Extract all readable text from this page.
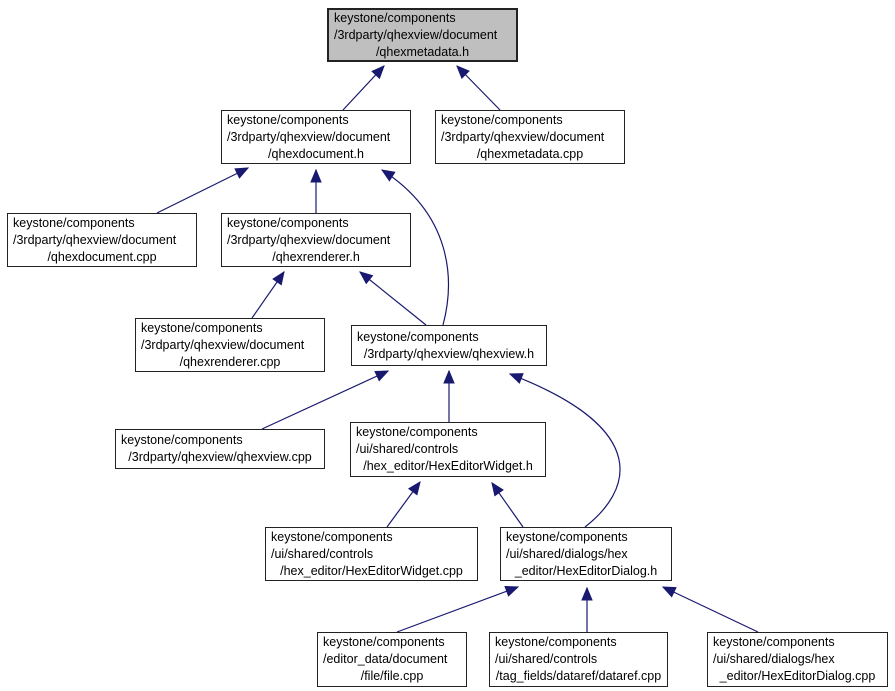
keystone/components
/3rdparty/qhexview/document
/qhexmetadata.h
keystone/components
/3rdparty/qhexview/document
/qhexdocument.h
keystone/components
/3rdparty/qhexview/document
/qhexmetadata.cpp
keystone/components
/3rdparty/qhexview/document
/qhexdocument.cpp
keystone/components
/3rdparty/qhexview/document
/qhexrenderer.h
keystone/components
/3rdparty/qhexview/document
/qhexrenderer.cpp
keystone/components
/3rdparty/qhexview/qhexview.h
keystone/components
/3rdparty/qhexview/qhexview.cpp
keystone/components
/ui/shared/controls
/hex_editor/HexEditorWidget.h
keystone/components
/ui/shared/controls
/hex_editor/HexEditorWidget.cpp
keystone/components
/ui/shared/dialogs/hex
_editor/HexEditorDialog.h
keystone/components
/editor_data/document
/file/file.cpp
keystone/components
/ui/shared/controls
/tag_fields/dataref/dataref.cpp
keystone/components
/ui/shared/dialogs/hex
_editor/HexEditorDialog.cpp
